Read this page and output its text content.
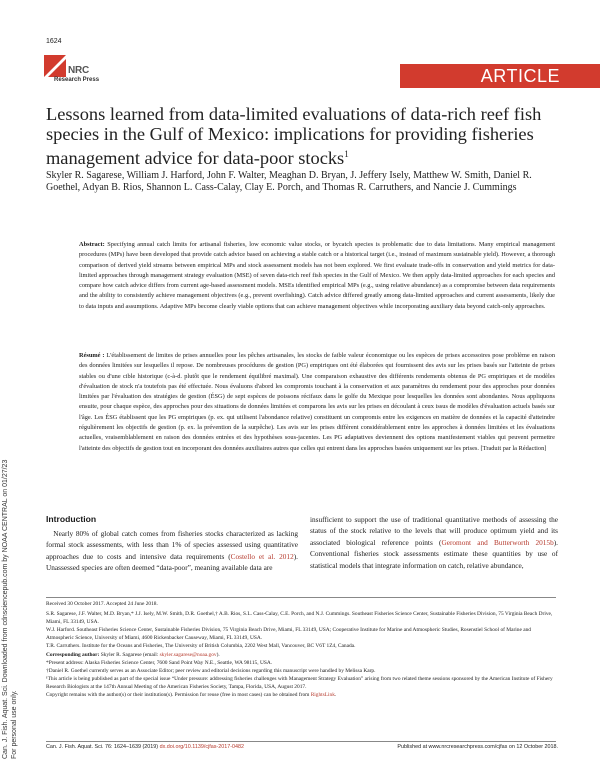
1624
NRC
Research Press	ARTICLE
Lessons learned from data-limited evaluations of data-rich reef fish species in the Gulf of Mexico: implications for providing fisheries management advice for data-poor stocks$^1$
Skyler R. Sagarese, William J. Harford, John F. Walter, Meaghan D. Bryan, J. Jeffery Isely, Matthew W. Smith, Daniel R. Goethel, Adyan B. Rios, Shannon L. Cass-Calay, Clay E. Porch, and Thomas R. Carruthers, and Nancie J. Cummings
Can. J. Fish. Aquat. Sci. Downloaded from cdnsciencepub.com by NOAA CENTRAL on 01/27/23 For personal use only.
Abstract: Specifying annual catch limits for artisanal fisheries, low economic value stocks, or bycatch species is problematic due to data limitations. Many empirical management procedures (MPs) have been developed that provide catch advice based on achieving a stable catch or a historical target (i.e., instead of maximum sustainable yield). However, a thorough comparison of derived yield streams between empirical MPs and stock assessment models has not been explored. We first evaluate trade-offs in conservation and yield metrics for data-limited approaches through management strategy evaluation (MSE) of seven data-rich reef fish species in the Gulf of Mexico. We then apply data-limited approaches for each species and compare how catch advice differs from current age-based assessment models. MSEs identified empirical MPs (e.g., using relative abundance) as a compromise between data requirements and the ability to consistently achieve management objectives (e.g., prevent overfishing). Catch advice differed greatly among data-limited approaches and current assessments, likely due to data inputs and assumptions. Adaptive MPs become clearly viable options that can achieve management objectives while incorporating auxiliary data beyond catch-only approaches.
Résumé : L'établissement de limites de prises annuelles pour les pêches artisanales, les stocks de faible valeur économique ou les espèces de prises accessoires pose problème en raison des données limitées sur lesquelles il repose. De nombreuses procédures de gestion (PG) empiriques ont été élaborées qui fournissent des avis sur les prises basés sur l'atteinte de prises stables ou d'une cible historique (c-à-d. plutôt que le rendement équilibré maximal). Une comparaison exhaustive des différents rendements obtenus de PG empiriques et de modèles d'évaluation de stock n'a toutefois pas été effectuée. Nous évaluons d'abord les compromis touchant à la conservation et aux paramètres du rendement pour des approches pour données limitées par l'évaluation des stratégies de gestion (ÉSG) de sept espèces de poissons récifaux dans le golfe du Mexique pour lesquelles les données sont abondantes. Nous appliquons ensuite, pour chaque espèce, des approches pour des situations de données limitées et comparons les avis sur les prises en découlant à ceux issus de modèles d'évaluation actuels basés sur l'âge. Les ÉSG établissent que les PG empiriques (p. ex. qui utilisent l'abondance relative) constituent un compromis entre les exigences en matière de données et la capacité d'atteindre régulièrement les objectifs de gestion (p. ex. la prévention de la surpêche). Les avis sur les prises diffèrent considérablement entre les approches à données limitées et les évaluations actuelles, vraisemblablement en raison des données entrées et des hypothèses sous-jacentes. Les PG adaptatives deviennent des options manifestement viables qui peuvent permettre l'atteinte des objectifs de gestion tout en incorporant des données auxiliaires autres que celles qui entrent dans les approches basées uniquement sur les prises. [Traduit par la Rédaction]
Introduction
 Nearly 80% of global catch comes from fisheries stocks characterized as lacking formal stock assessments, with less than 1% of species assessed using quantitative approaches due to costs and intensive data requirements (Costello et al. 2012). Unassessed species are often deemed “data-poor”, meaning available data are
insufficient to support the use of traditional quantitative methods of assessing the status of the stock relative to the levels that will produce optimum yield and its associated biological reference points (Geromont and Butterworth 2015b). Conventional fisheries stock assessments estimate these quantities by use of statistical models that integrate information on catch, relative abundance,

Received 30 October 2017. Accepted 24 June 2018.

S.R. Sagarese, J.F. Walter, M.D. Bryan,* J.J. Isely, M.W. Smith, D.R. Goethel,† A.B. Rios, S.L. Cass-Calay, C.E. Porch, and N.J. Cummings. Southeast Fisheries Science Center, Sustainable Fisheries Division, 75 Virginia Beach Drive, Miami, FL 33149, USA.

W.J. Harford. Southeast Fisheries Science Center, Sustainable Fisheries Division, 75 Virginia Beach Drive, Miami, FL 33149, USA; Cooperative Institute for Marine and Atmospheric Studies, Rosenstiel School of Marine and Atmospheric Science, University of Miami, 4600 Rickenbacker Causeway, Miami, FL 33149, USA.

T.R. Carruthers. Institute for the Oceans and Fisheries, The University of British Columbia, 2202 West Mall, Vancouver, BC V6T 1Z4, Canada.

Corresponding author: Skyler R. Sagarese (email: skyler.sagarese@noaa.gov).

*Present address: Alaska Fisheries Science Center, 7600 Sand Point Way N.E., Seattle, WA 98115, USA.

†Daniel R. Goethel currently serves as an Associate Editor; peer review and editorial decisions regarding this manuscript were handled by Melissa Karp.

¹This article is being published as part of the special issue “Under pressure: addressing fisheries challenges with Management Strategy Evaluation” arising from two related theme sessions sponsored by the American Institute of Fishery Research Biologists at the 147th Annual Meeting of the American Fisheries Society, Tampa, Florida, USA, August 2017.

Copyright remains with the author(s) or their institution(s). Permission for reuse (free in most cases) can be obtained from RightsLink.

Can. J. Fish. Aquat. Sci. 76: 1624–1639 (2019) dx.doi.org/10.1139/cjfas-2017-0482	Published at www.nrcresearchpress.com/cjfas on 12 October 2018.
